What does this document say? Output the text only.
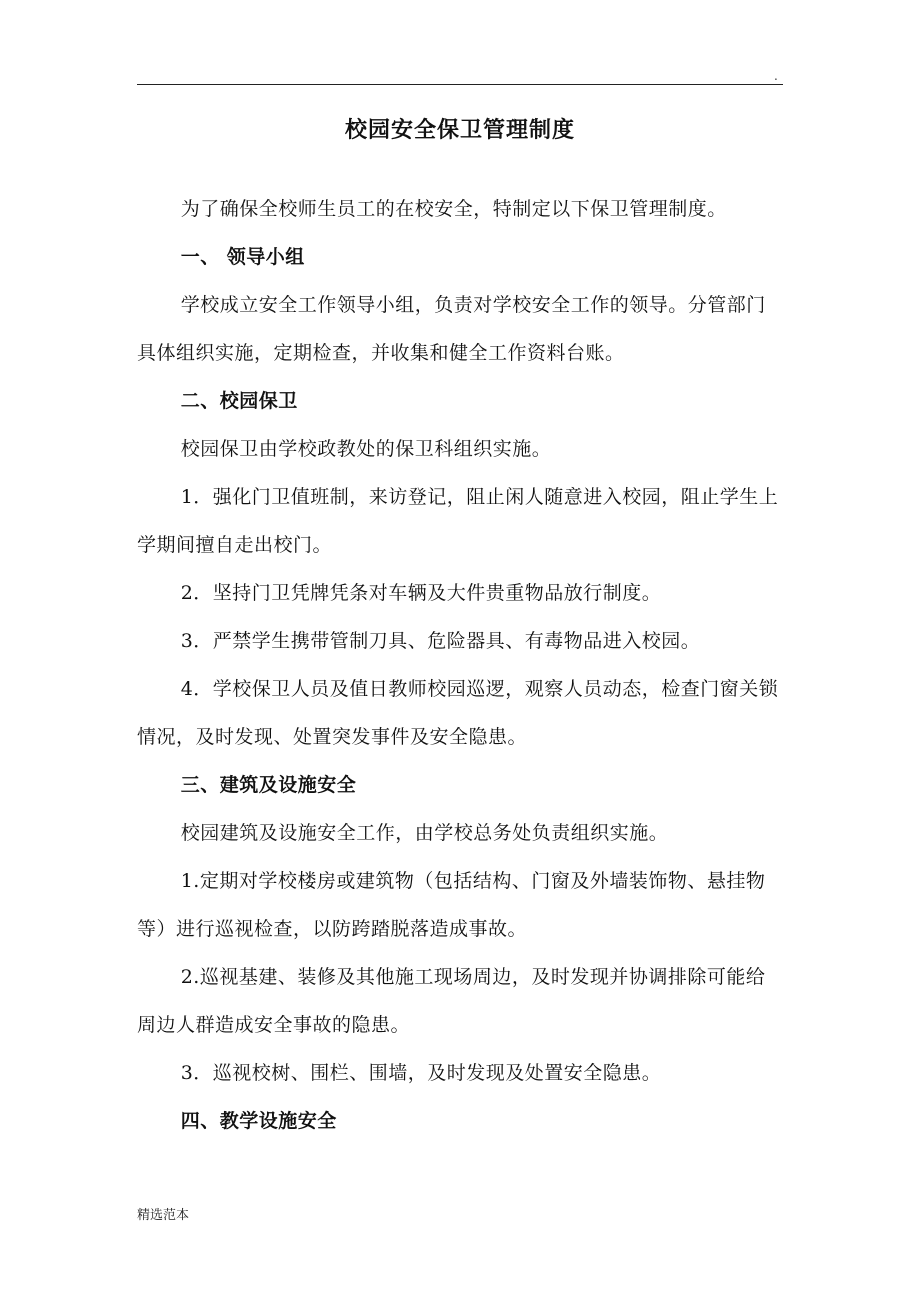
.
校园安全保卫管理制度

为了确保全校师生员工的在校安全，特制定以下保卫管理制度。

一、 领导小组

学校成立安全工作领导小组，负责对学校安全工作的领导。分管部门具体组织实施，定期检查，并收集和健全工作资料台账。

二、校园保卫

校园保卫由学校政教处的保卫科组织实施。

1．强化门卫值班制，来访登记，阻止闲人随意进入校园，阻止学生上学期间擅自走出校门。

2．坚持门卫凭牌凭条对车辆及大件贵重物品放行制度。

3．严禁学生携带管制刀具、危险器具、有毒物品进入校园。

4．学校保卫人员及值日教师校园巡逻，观察人员动态，检查门窗关锁情况，及时发现、处置突发事件及安全隐患。

三、建筑及设施安全

校园建筑及设施安全工作，由学校总务处负责组织实施。

1.定期对学校楼房或建筑物（包括结构、门窗及外墙装饰物、悬挂物等）进行巡视检查，以防跨踏脱落造成事故。

2.巡视基建、装修及其他施工现场周边，及时发现并协调排除可能给周边人群造成安全事故的隐患。

3．巡视校树、围栏、围墙，及时发现及处置安全隐患。

四、教学设施安全

精选范本
